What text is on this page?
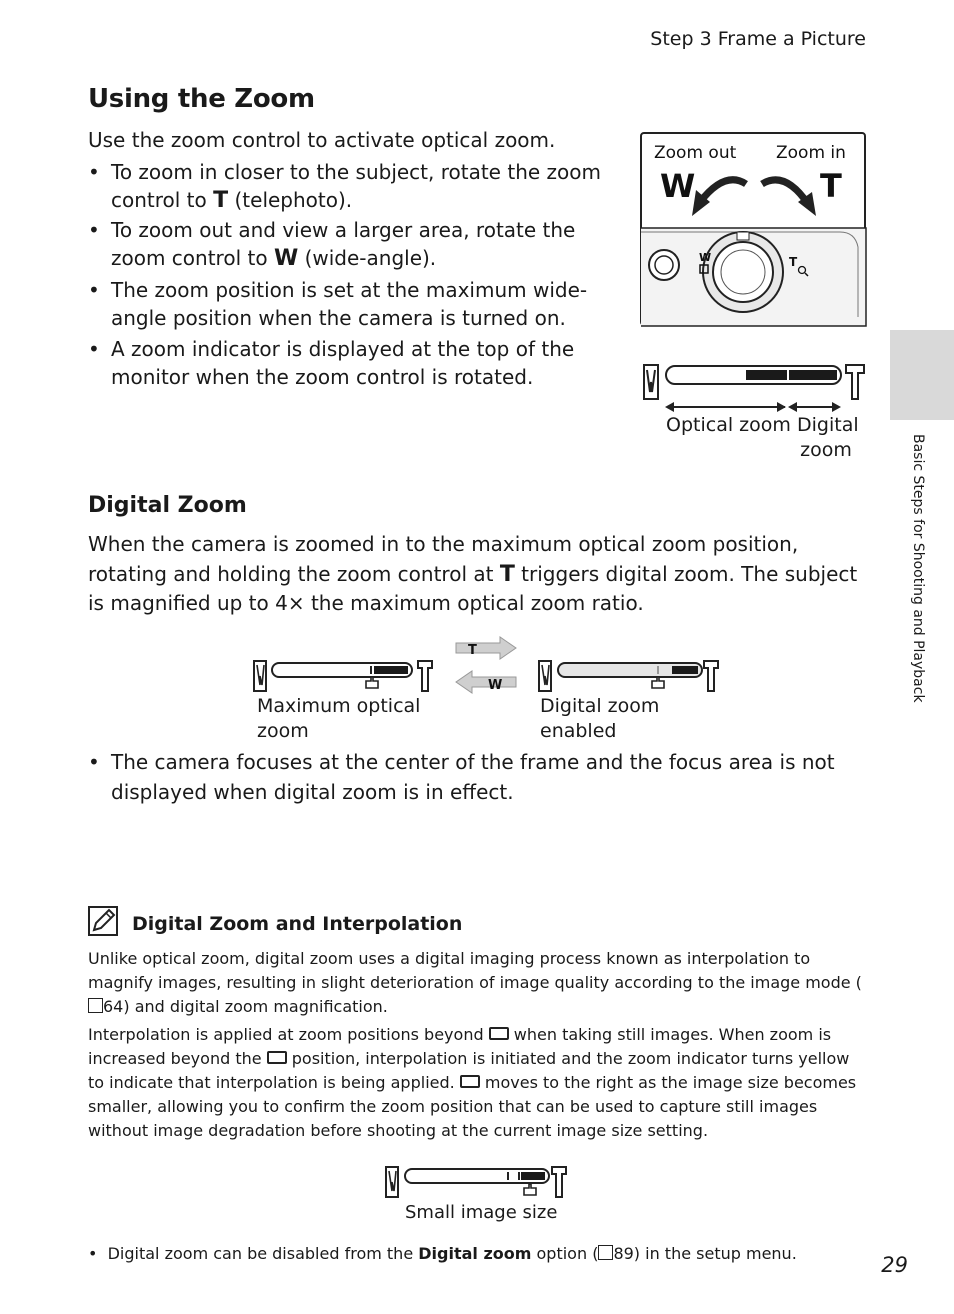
Step 3 Frame a Picture
Using the Zoom
Use the zoom control to activate optical zoom.
• To zoom in closer to the subject, rotate the zoom control to T (telephoto).
• To zoom out and view a larger area, rotate the zoom control to W (wide-angle).
• The zoom position is set at the maximum wide-angle position when the camera is turned on.
• A zoom indicator is displayed at the top of the monitor when the zoom control is rotated.
Zoom out Zoom in
W	T
W	T
Optical zoom Digital
zoom
Digital Zoom
When the camera is zoomed in to the maximum optical zoom position, rotating and holding the zoom control at T triggers digital zoom. The subject is magnified up to 4× the maximum optical zoom ratio.
T
W
Maximum optical
zoom
Digital zoom
enabled
• The camera focuses at the center of the frame and the focus area is not displayed when digital zoom is in effect.
Digital Zoom and Interpolation
Unlike optical zoom, digital zoom uses a digital imaging process known as interpolation to magnify images, resulting in slight deterioration of image quality according to the image mode (64) and digital zoom magnification.
Interpolation is applied at zoom positions beyond  when taking still images. When zoom is increased beyond the  position, interpolation is initiated and the zoom indicator turns yellow to indicate that interpolation is being applied.  moves to the right as the image size becomes smaller, allowing you to confirm the zoom position that can be used to capture still images without image degradation before shooting at the current image size setting.
Small image size
•  Digital zoom can be disabled from the Digital zoom option ( 89) in the setup menu.
Basic Steps for Shooting and Playback
29
